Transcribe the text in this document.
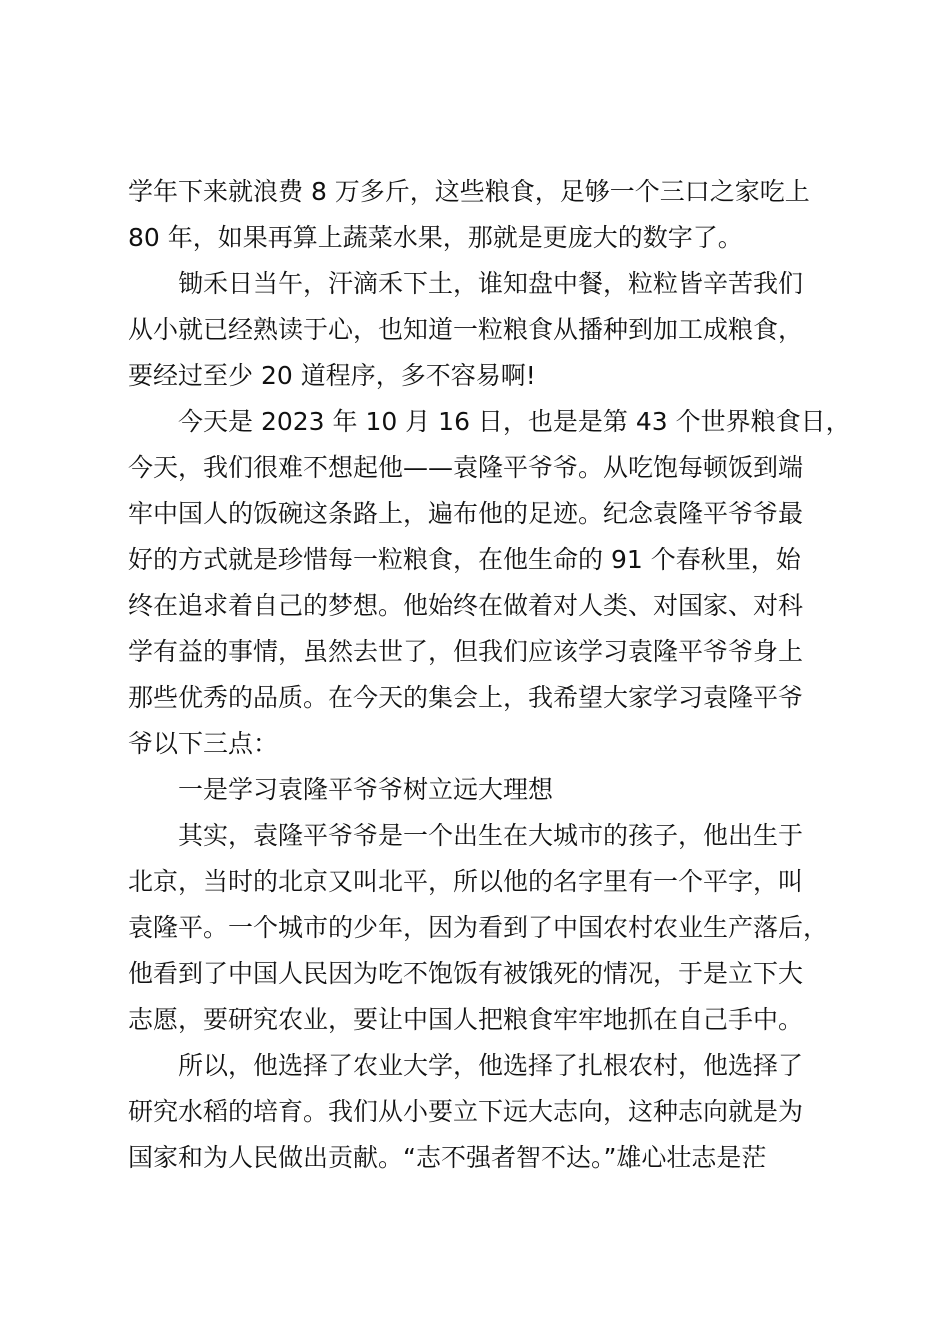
学年下来就浪费 8 万多斤，这些粮食，足够一个三口之家吃上
80 年，如果再算上蔬菜水果，那就是更庞大的数字了。
锄禾日当午，汗滴禾下土，谁知盘中餐，粒粒皆辛苦我们
从小就已经熟读于心，也知道一粒粮食从播种到加工成粮食，
要经过至少 20 道程序，多不容易啊!
今天是 2023 年 10 月 16 日，也是是第 43 个世界粮食日，
今天，我们很难不想起他——袁隆平爷爷。从吃饱每顿饭到端
牢中国人的饭碗这条路上，遍布他的足迹。纪念袁隆平爷爷最
好的方式就是珍惜每一粒粮食，在他生命的 91 个春秋里，始
终在追求着自己的梦想。他始终在做着对人类、对国家、对科
学有益的事情，虽然去世了，但我们应该学习袁隆平爷爷身上
那些优秀的品质。在今天的集会上，我希望大家学习袁隆平爷
爷以下三点：
一是学习袁隆平爷爷树立远大理想
其实，袁隆平爷爷是一个出生在大城市的孩子，他出生于
北京，当时的北京又叫北平，所以他的名字里有一个平字，叫
袁隆平。一个城市的少年，因为看到了中国农村农业生产落后，
他看到了中国人民因为吃不饱饭有被饿死的情况，于是立下大
志愿，要研究农业，要让中国人把粮食牢牢地抓在自己手中。
所以，他选择了农业大学，他选择了扎根农村，他选择了
研究水稻的培育。我们从小要立下远大志向，这种志向就是为
国家和为人民做出贡献。“志不强者智不达。”雄心壮志是茫
